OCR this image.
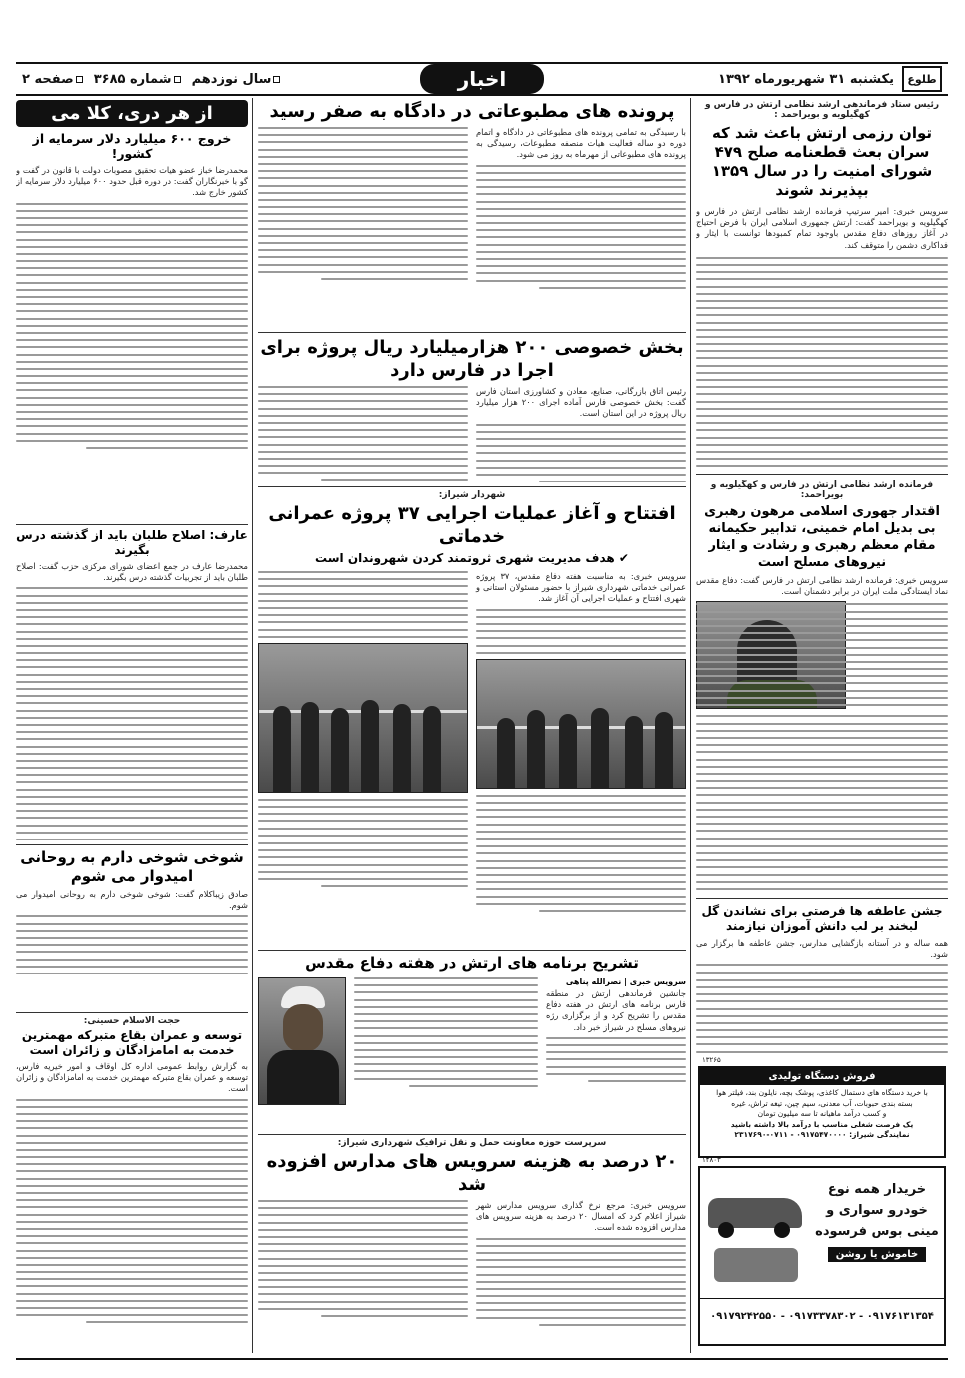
طلوع
یکشنبه ۳۱ شهریورماه ۱۳۹۲
سال نوزدهم  شماره ۳۶۸۵  صفحه ۲	اخبار
رئیس ستاد فرماندهی ارشد نظامی ارتش در فارس و کهگیلویه و بویراحمد :
توان رزمی ارتش باعث شد که سران بعث قطعنامه صلح ۴۷۹ شورای امنیت را در سال ۱۳۵۹ بپذیرند شوند
سرویس خبری: امیر سرتیپ فرمانده ارشد نظامی ارتش در فارس و کهگیلویه و بویراحمد گفت: ارتش جمهوری اسلامی ایران با فرض احتیاج در آغاز روزهای دفاع مقدس باوجود تمام کمبودها توانست با ایثار و فداکاری دشمن را متوقف کند.
فرمانده ارشد نظامی ارتش در فارس و کهگیلویه و بویراحمد:
اقتدار جهوری اسلامی مرهون رهبری بی بدیل امام خمینی، تدابیر حکیمانه مقام معظم رهبری و رشادت و ایثار نیروهای مسلح است
سرویس خبری: فرمانده ارشد نظامی ارتش در فارس گفت: دفاع مقدس نماد ایستادگی ملت ایران در برابر دشمنان است.
جشن عاطفه ها فرصتی برای نشاندن گل لبخند بر لب دانش آموزان نیازمند
همه ساله و در آستانه بازگشایی مدارس، جشن عاطفه ها برگزار می شود.
فروش دستگاه تولیدی
با خرید دستگاه های دستمال کاغذی، پوشک بچه، نایلون بند، فیلتر هوا
بسته بندی حبوبات، آب معدنی، سیم چین، تیغه تراش، غیره
و کسب درآمد ماهیانه تا سه میلیون تومان
یک فرصت شغلی مناسب با درآمد بالا داشته باشید
نمایندگی شیراز: ۰۹۱۷۵۴۷۰۰۰۰ - ۰۷۱۱-۲۳۱۷۶۹۰
۱۳۲۶۵
خریدار همه نوع
خودرو سواری و
مینی بوس فرسوده
خاموش یا روشن
۰۹۱۷۶۱۳۱۳۵۴ - ۰۹۱۷۳۳۷۸۳۰۲ - ۰۹۱۷۹۲۴۲۵۵۰
۱۴۸۰۳
پرونده های مطبوعاتی در دادگاه به صفر رسید
با رسیدگی به تمامی پرونده های مطبوعاتی در دادگاه و اتمام دوره دو ساله فعالیت هیات منصفه مطبوعات، رسیدگی به پرونده های مطبوعاتی از مهرماه به روز می شود.
بخش خصوصی ۲۰۰ هزارمیلیارد ریال پروژه برای اجرا در فارس دارد
رئیس اتاق بازرگانی، صنایع، معادن و کشاورزی استان فارس گفت: بخش خصوصی فارس آماده اجرای ۲۰۰ هزار میلیارد ریال پروژه در این استان است.
شهردار شیراز:
افتتاح و آغاز عملیات اجرایی ۳۷ پروژه عمرانی خدماتی
✔ هدف مدیریت شهری ثروتمند کردن شهروندان است
سرویس خبری: به مناسبت هفته دفاع مقدس، ۳۷ پروژه عمرانی خدماتی شهرداری شیراز با حضور مسئولان استانی و شهری افتتاح و عملیات اجرایی آن آغاز شد.
تشریح برنامه های ارتش در هفته دفاع مقدس
سرویس خبری | نصرالله پناهی
جانشین فرماندهی ارتش در منطقه فارس برنامه های ارتش در هفته دفاع مقدس را تشریح کرد و از برگزاری رژه نیروهای مسلح در شیراز خبر داد.
سرپرست حوزه معاونت حمل و نقل ترافیک شهرداری شیراز:
۲۰ درصد به هزینه سرویس های مدارس افزوده شد
سرویس خبری: مرجع نرخ گذاری سرویس مدارس شهر شیراز اعلام کرد که امسال ۲۰ درصد به هزینه سرویس های مدارس افزوده شده است.
از هر دری، کلا می
خروج ۶۰۰ میلیارد دلار سرمایه از کشور!
محمدرضا خباز عضو هیات تحقیق مصوبات دولت با قانون در گفت و گو با خبرنگاران گفت: در دوره قبل حدود ۶۰۰ میلیارد دلار سرمایه از کشور خارج شد.
عارف: اصلاح طلبان باید از گذشته درس بگیرند
محمدرضا عارف در جمع اعضای شورای مرکزی حزب گفت: اصلاح طلبان باید از تجربیات گذشته درس بگیرند.
شوخی شوخی دارم به روحانی امیدوار می شوم
صادق زیباکلام گفت: شوخی شوخی دارم به روحانی امیدوار می شوم.
حجت الاسلام حسینی:
توسعه و عمران بقاع متبرکه مهمترین خدمت به امامزادگان و زائران است
به گزارش روابط عمومی اداره کل اوقاف و امور خیریه فارس، توسعه و عمران بقاع متبرکه مهمترین خدمت به امامزادگان و زائران است.
